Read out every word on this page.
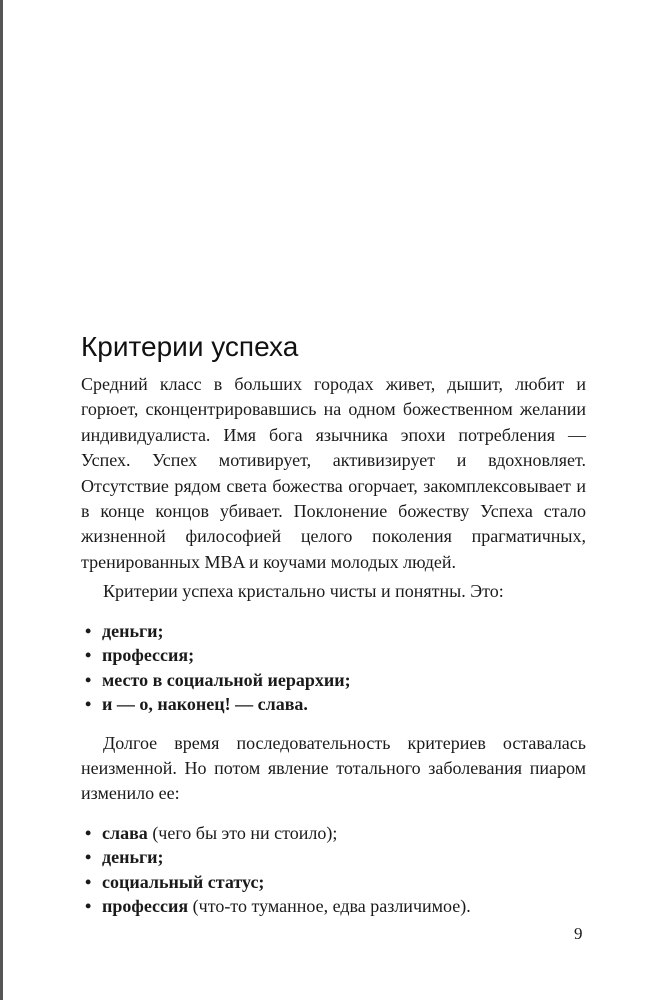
Критерии успеха

Средний класс в больших городах живет, дышит, любит и горюет, сконцентрировавшись на одном божественном желании индивидуалиста. Имя бога язычника эпохи потребления — Успех. Успех мотивирует, активизирует и вдохновляет. Отсутствие рядом света божества огорчает, закомплексовывает и в конце концов убивает. Поклонение божеству Успеха стало жизненной философией целого поколения прагматичных, тренированных MBA и коучами молодых людей.

Критерии успеха кристально чисты и понятны. Это:

• деньги;
• профессия;
• место в социальной иерархии;
• и — о, наконец! — слава.

Долгое время последовательность критериев оставалась неизменной. Но потом явление тотального заболевания пиаром изменило ее:

• слава (чего бы это ни стоило);
• деньги;
• социальный статус;
• профессия (что-то туманное, едва различимое).
9
